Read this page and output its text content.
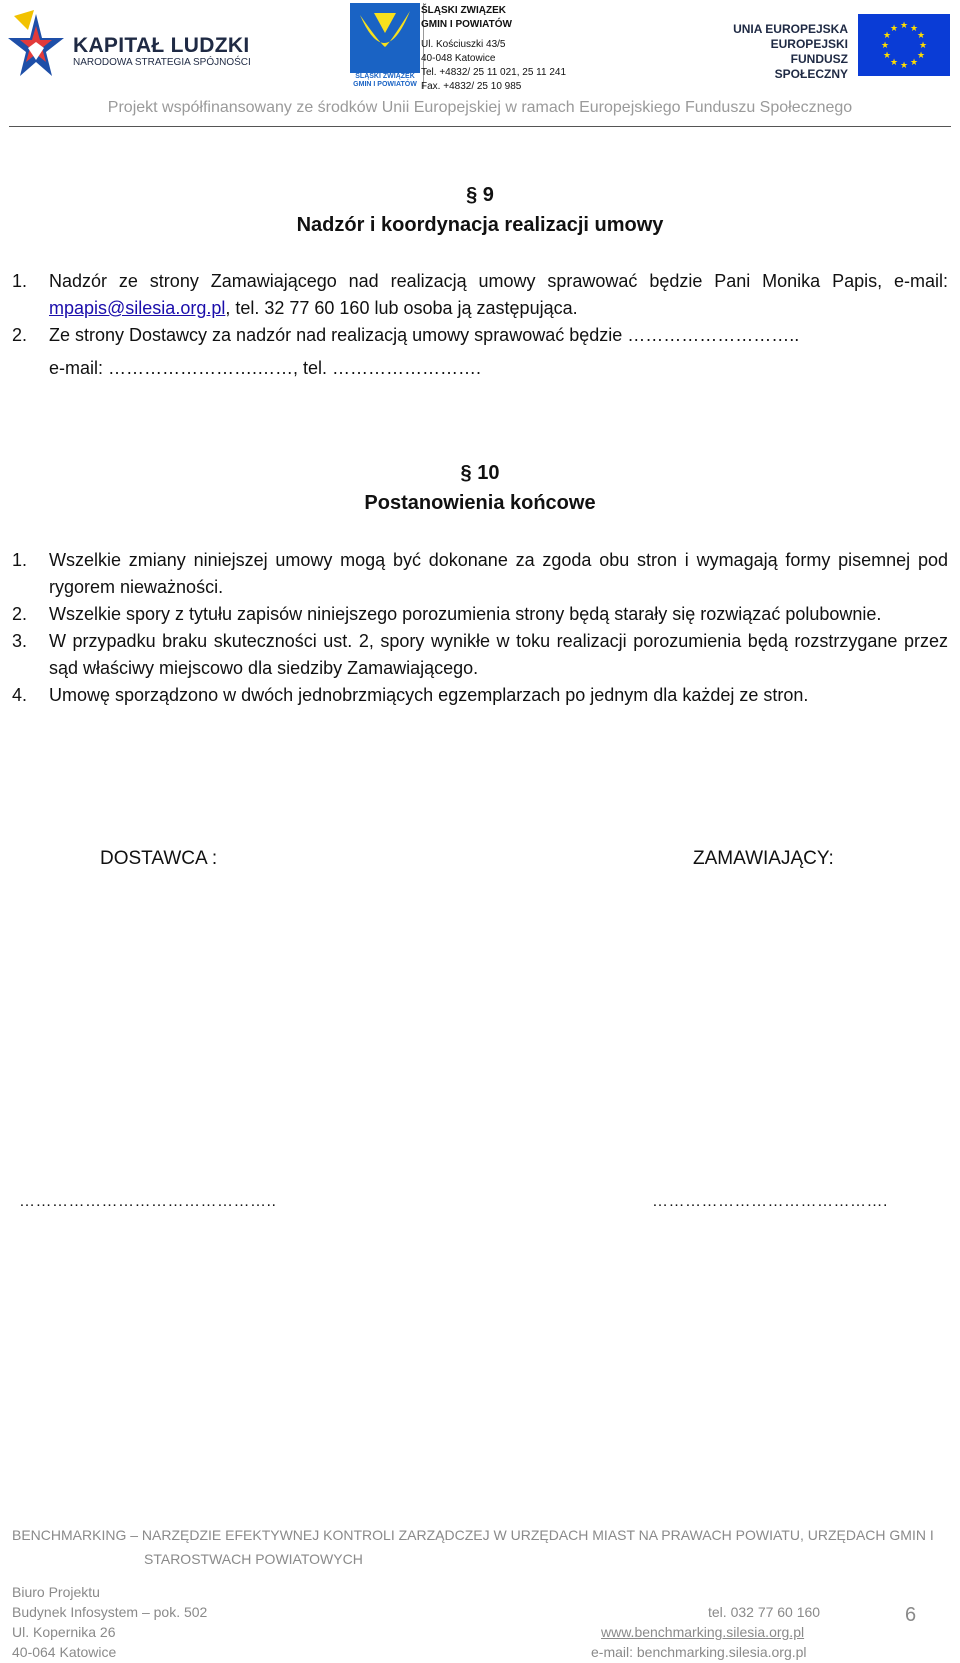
KAPITAŁ LUDZKI
NARODOWA STRATEGIA SPÓJNOŚCI
ŚLĄSKI ZWIĄZEK
GMIN I POWIATÓW
ŚLĄSKI ZWIĄZEK
GMIN I POWIATÓW
Ul. Kościuszki 43/5
40-048 Katowice
Tel. +4832/ 25 11 021, 25 11 241
Fax. +4832/ 25 10 985
UNIA EUROPEJSKA
EUROPEJSKI
FUNDUSZ SPOŁECZNY
★ ★
★
★
★
★
★
★
★
★
★
★
Projekt współfinansowany ze środków Unii Europejskiej w ramach Europejskiego Funduszu Społecznego
§ 9
Nadzór i koordynacja realizacji umowy
1.	Nadzór ze strony Zamawiającego nad realizacją umowy sprawować będzie Pani Monika Papis, e-mail: mpapis@silesia.org.pl, tel. 32 77 60 160 lub osoba ją zastępująca.
2.	Ze strony Dostawcy za nadzór nad realizacją umowy sprawować będzie ………………………..
e-mail: …………………….……, tel. …………………….
§ 10
Postanowienia końcowe
1.	Wszelkie zmiany niniejszej umowy mogą być dokonane za zgoda obu stron i wymagają formy pisemnej pod rygorem nieważności.
2.	Wszelkie spory z tytułu zapisów niniejszego porozumienia strony będą starały się rozwiązać polubownie.
3.	W przypadku braku skuteczności ust. 2, spory wynikłe w toku realizacji porozumienia będą rozstrzygane przez sąd właściwy miejscowo dla siedziby Zamawiającego.
4.	Umowę sporządzono w dwóch jednobrzmiących egzemplarzach po jednym dla każdej ze stron.
DOSTAWCA :	ZAMAWIAJĄCY:
………………………………………..	…………………………………….
BENCHMARKING – NARZĘDZIE EFEKTYWNEJ KONTROLI ZARZĄDCZEJ W URZĘDACH MIAST NA PRAWACH POWIATU, URZĘDACH GMIN I
STAROSTWACH POWIATOWYCH
Biuro Projektu
Budynek Infosystem – pok. 502
Ul. Kopernika 26
40-064 Katowice
tel. 032 77 60 160
www.benchmarking.silesia.org.pl
e-mail: benchmarking.silesia.org.pl
6
